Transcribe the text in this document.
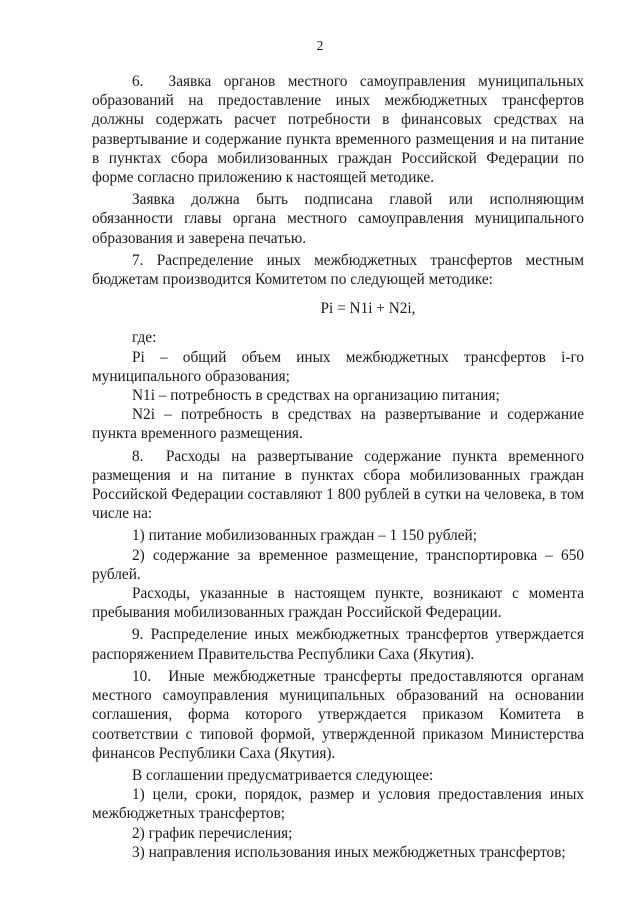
2

6.  Заявка органов местного самоуправления муниципальных образований на предоставление иных межбюджетных трансфертов должны содержать расчет потребности в финансовых средствах на развертывание и содержание пункта временного размещения и на питание в пунктах сбора мобилизованных граждан Российской Федерации по форме согласно приложению к настоящей методике.

Заявка должна быть подписана главой или исполняющим обязанности главы органа местного самоуправления муниципального образования и заверена печатью.

7. Распределение иных межбюджетных трансфертов местным бюджетам производится Комитетом по следующей методике:

Pi = N1i + N2i,

где:

Pi – общий объем иных межбюджетных трансфертов i-го муниципального образования;

N1i – потребность в средствах на организацию питания;

N2i – потребность в средствах на развертывание и содержание пункта временного размещения.

8.  Расходы на развертывание содержание пункта временного размещения и на питание в пунктах сбора мобилизованных граждан Российской Федерации составляют 1 800 рублей в сутки на человека, в том числе на:

1) питание мобилизованных граждан – 1 150 рублей;

2) содержание за временное размещение, транспортировка – 650 рублей.

Расходы, указанные в настоящем пункте, возникают с момента пребывания мобилизованных граждан Российской Федерации.

9. Распределение иных межбюджетных трансфертов утверждается распоряжением Правительства Республики Саха (Якутия).

10.  Иные межбюджетные трансферты предоставляются органам местного самоуправления муниципальных образований на основании соглашения, форма которого утверждается приказом Комитета в соответствии с типовой формой, утвержденной приказом Министерства финансов Республики Саха (Якутия).

В соглашении предусматривается следующее:

1) цели, сроки, порядок, размер и условия предоставления иных межбюджетных трансфертов;

2) график перечисления;

3) направления использования иных межбюджетных трансфертов;
